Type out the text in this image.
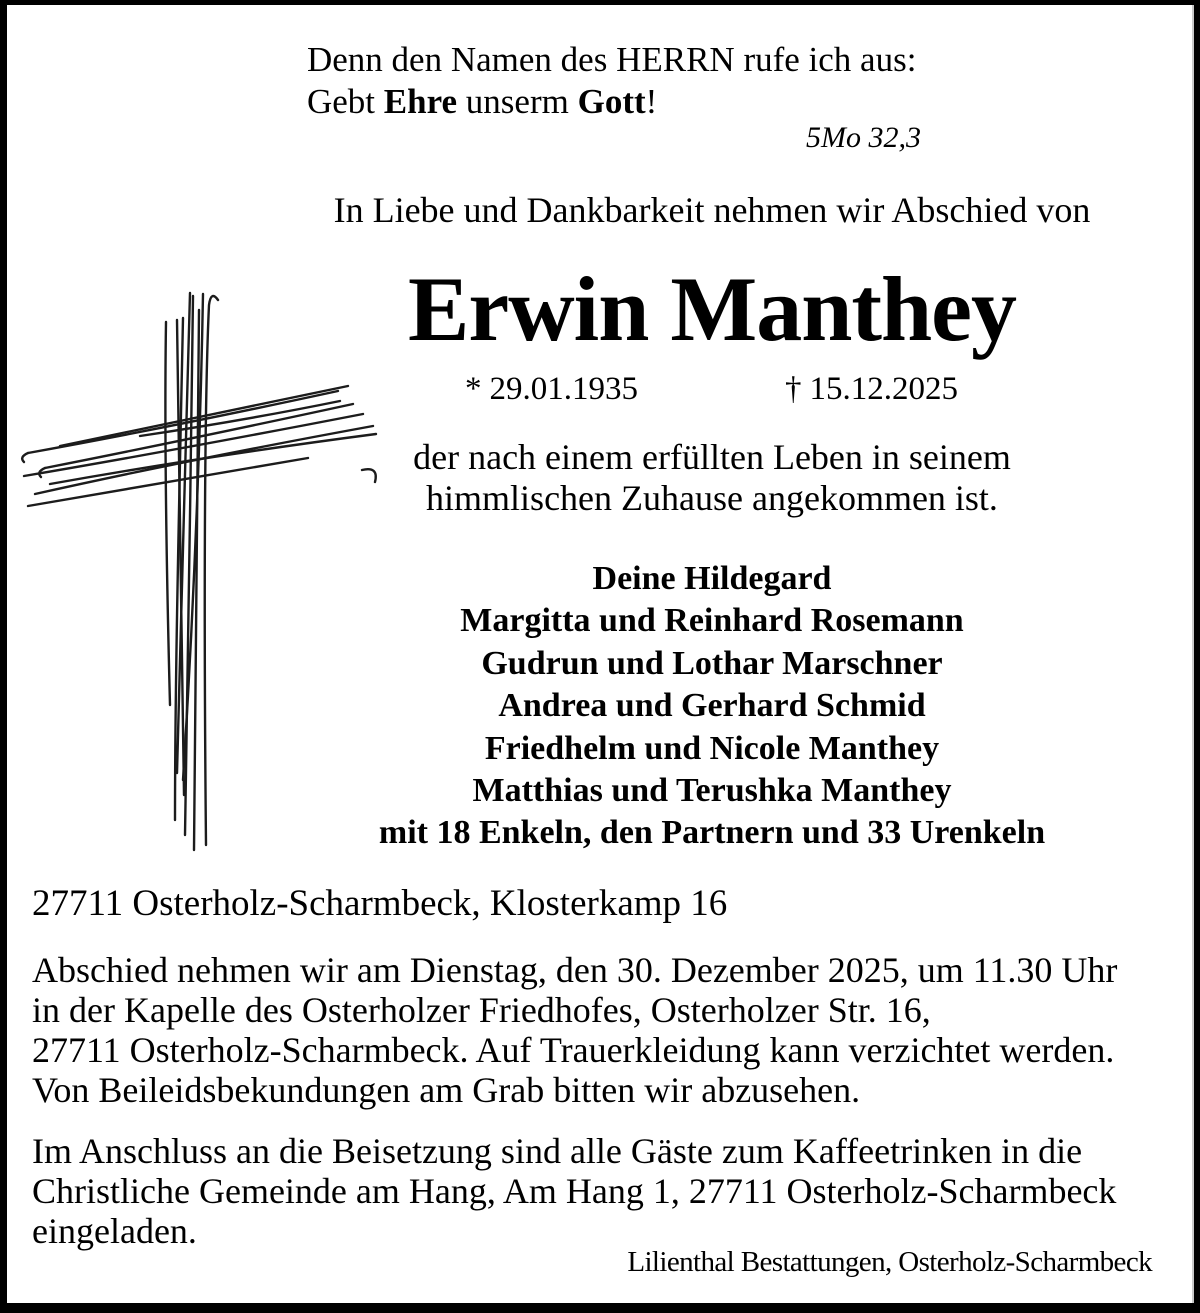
Denn den Namen des HERRN rufe ich aus:
Gebt Ehre unserm Gott!
5Mo 32,3
In Liebe und Dankbarkeit nehmen wir Abschied von
Erwin Manthey
* 29.01.1935	† 15.12.2025
der nach einem erfüllten Leben in seinem
himmlischen Zuhause angekommen ist.
Deine Hildegard
Margitta und Reinhard Rosemann
Gudrun und Lothar Marschner
Andrea und Gerhard Schmid
Friedhelm und Nicole Manthey
Matthias und Terushka Manthey
mit 18 Enkeln, den Partnern und 33 Urenkeln
27711 Osterholz-Scharmbeck, Klosterkamp 16
Abschied nehmen wir am Dienstag, den 30. Dezember 2025, um 11.30 Uhr
in der Kapelle des Osterholzer Friedhofes, Osterholzer Str. 16,
27711 Osterholz-Scharmbeck. Auf Trauerkleidung kann verzichtet werden.
Von Beileidsbekundungen am Grab bitten wir abzusehen.
Im Anschluss an die Beisetzung sind alle Gäste zum Kaffeetrinken in die
Christliche Gemeinde am Hang, Am Hang 1, 27711 Osterholz-Scharmbeck
eingeladen.
Lilienthal Bestattungen, Osterholz-Scharmbeck
